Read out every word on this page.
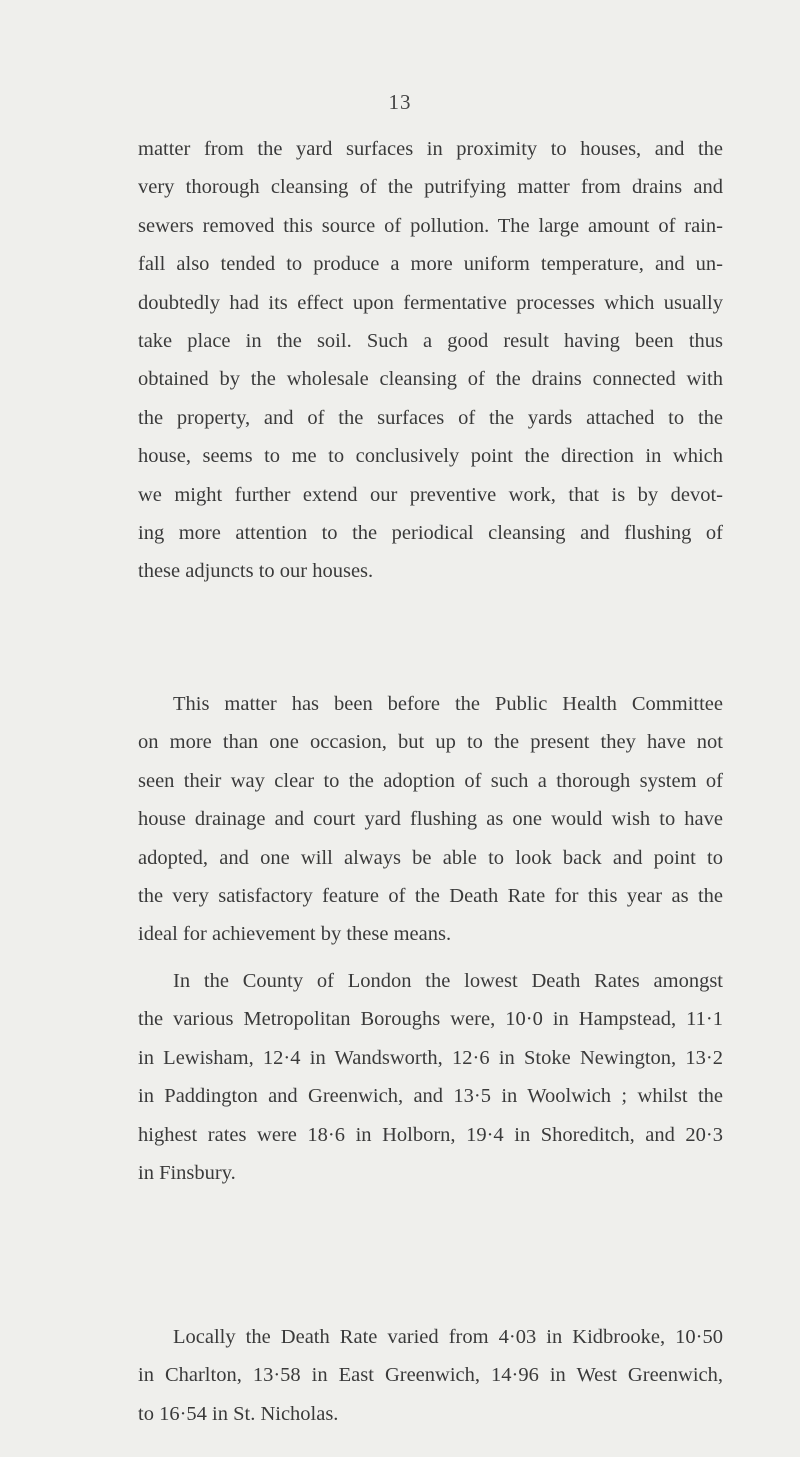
13
matter from the yard surfaces in proximity to houses, and the
very thorough cleansing of the putrifying matter from drains and
sewers removed this source of pollution. The large amount of rain-
fall also tended to produce a more uniform temperature, and un-
doubtedly had its effect upon fermentative processes which usually
take place in the soil. Such a good result having been thus
obtained by the wholesale cleansing of the drains connected with
the property, and of the surfaces of the yards attached to the
house, seems to me to conclusively point the direction in which
we might further extend our preventive work, that is by devot-
ing more attention to the periodical cleansing and flushing of
these adjuncts to our houses.
This matter has been before the Public Health Committee
on more than one occasion, but up to the present they have not
seen their way clear to the adoption of such a thorough system of
house drainage and court yard flushing as one would wish to have
adopted, and one will always be able to look back and point to
the very satisfactory feature of the Death Rate for this year as the
ideal for achievement by these means.
In the County of London the lowest Death Rates amongst
the various Metropolitan Boroughs were, 10·0 in Hampstead, 11·1
in Lewisham, 12·4 in Wandsworth, 12·6 in Stoke Newington, 13·2
in Paddington and Greenwich, and 13·5 in Woolwich ; whilst the
highest rates were 18·6 in Holborn, 19·4 in Shoreditch, and 20·3
in Finsbury.
Locally the Death Rate varied from 4·03 in Kidbrooke, 10·50
in Charlton, 13·58 in East Greenwich, 14·96 in West Greenwich,
to 16·54 in St. Nicholas.
